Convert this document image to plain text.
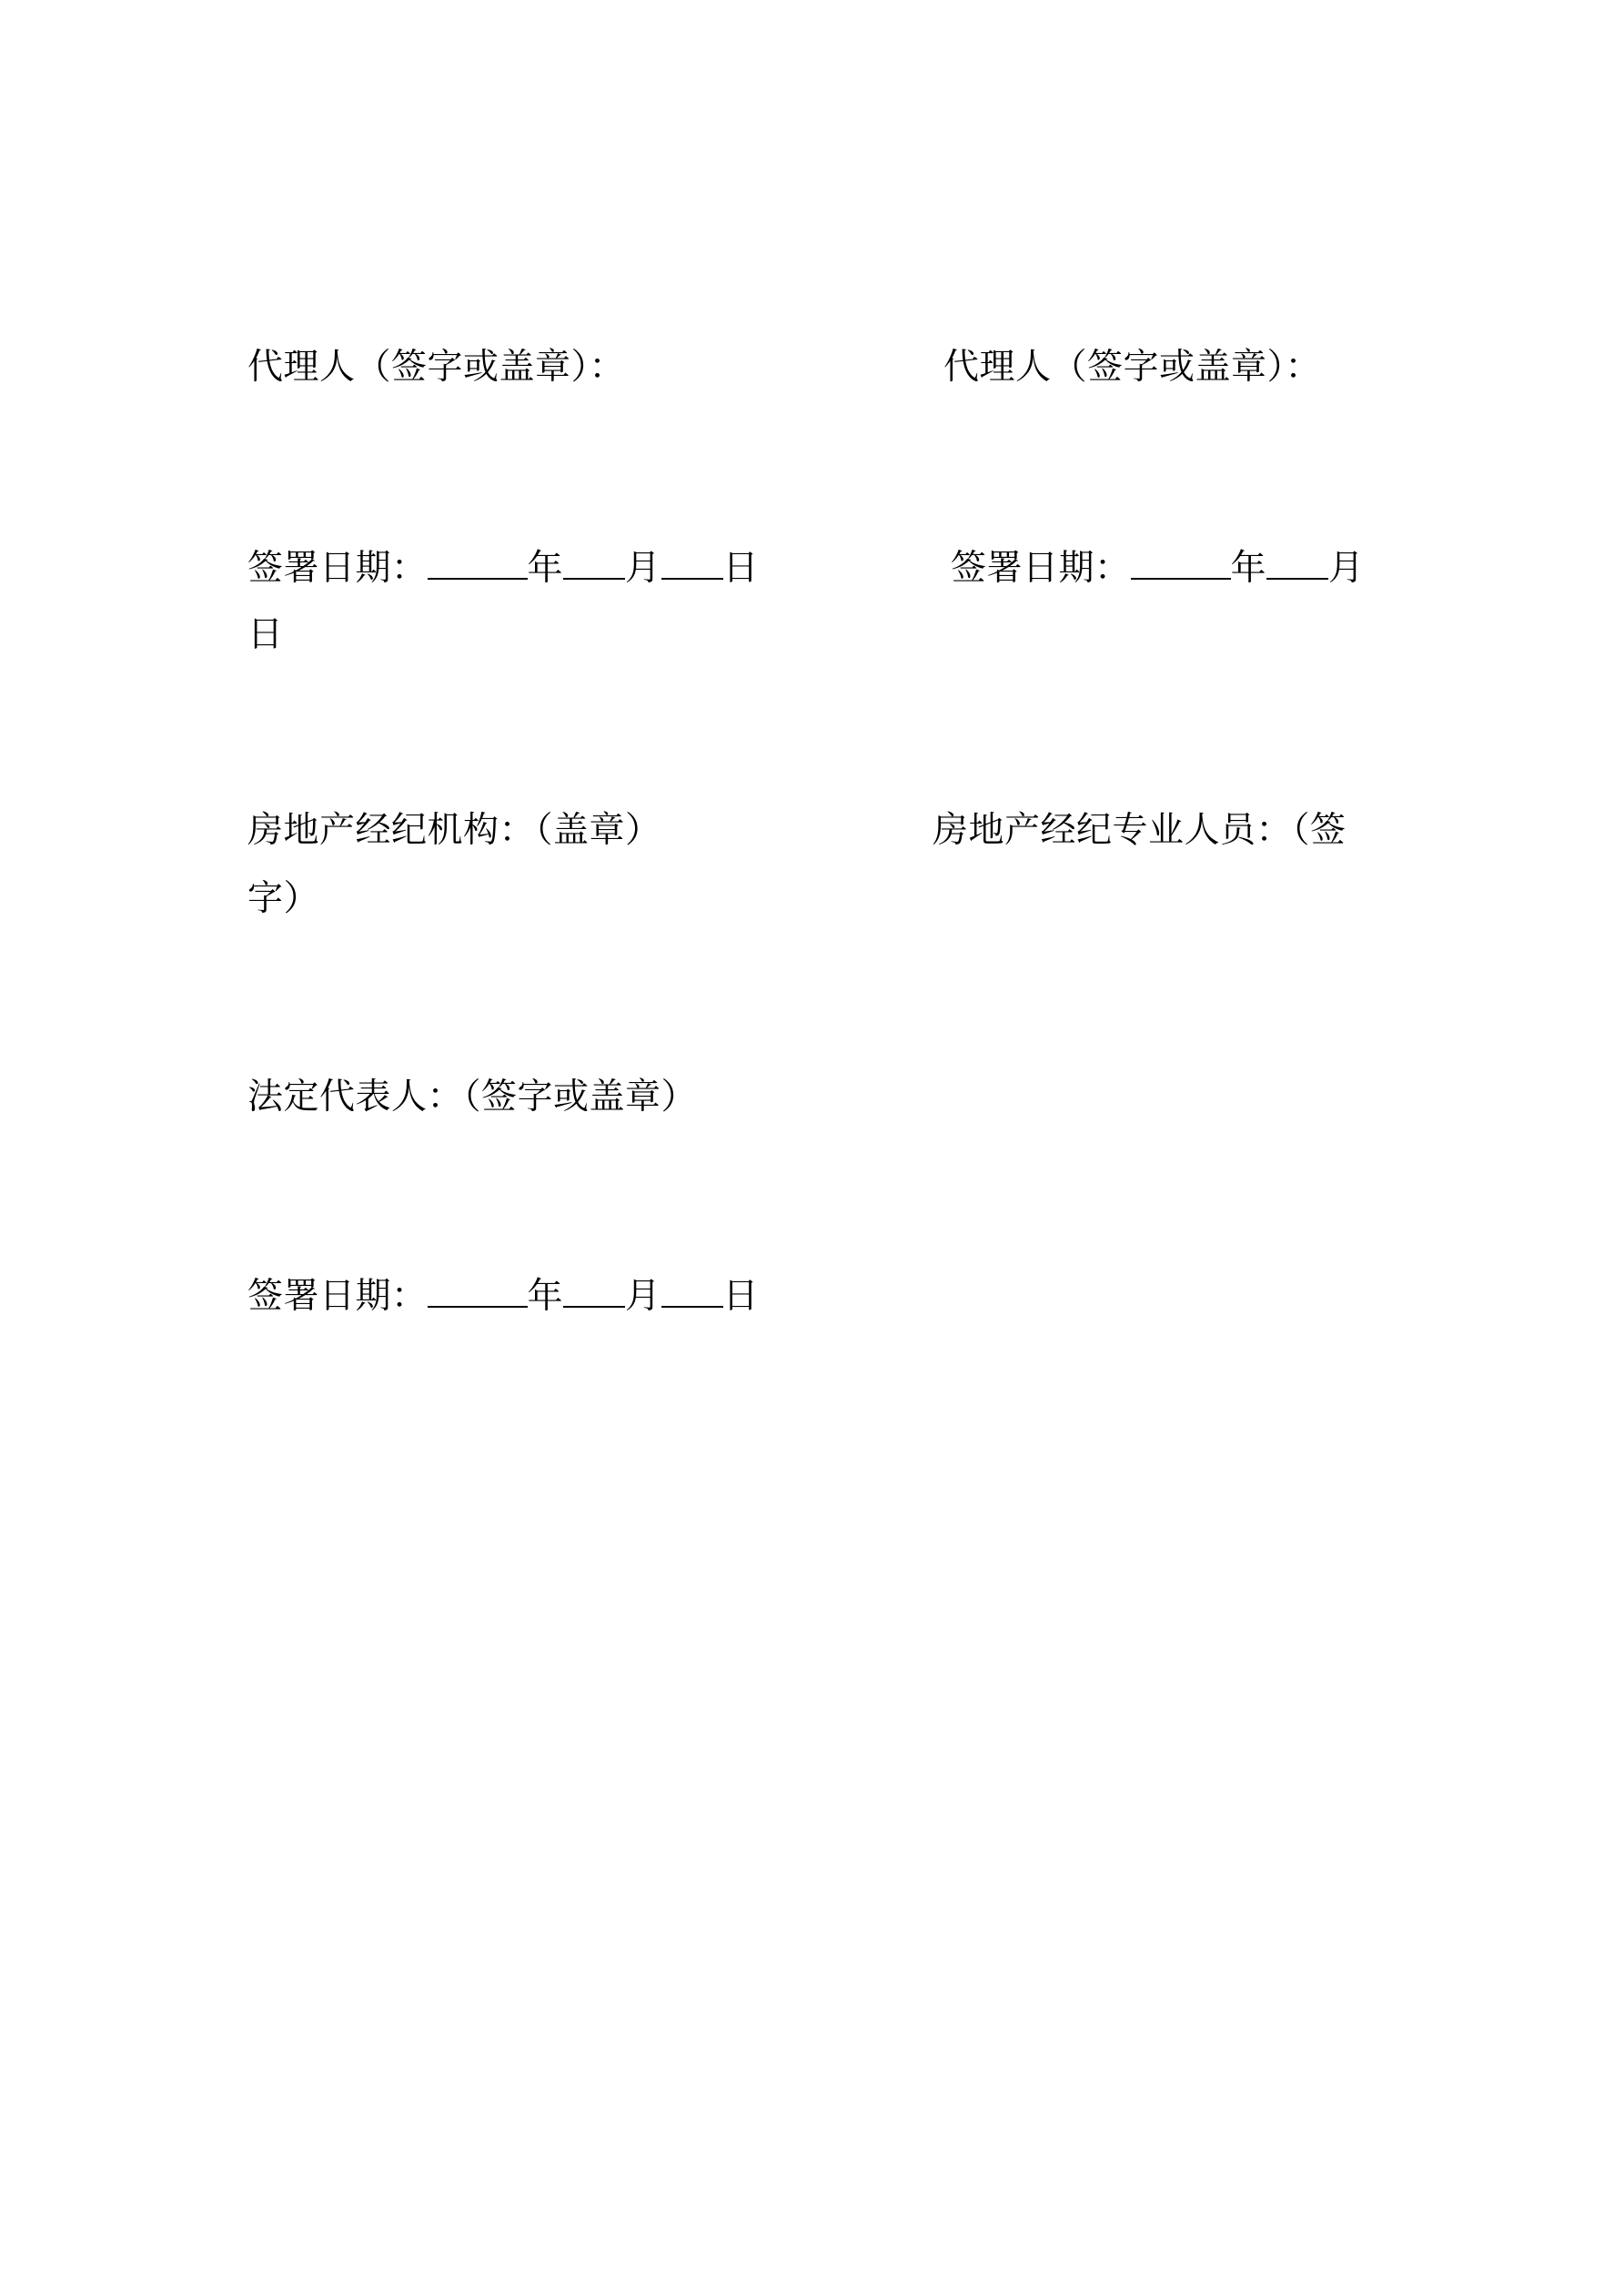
代理人（签字或盖章）：	代理人（签字或盖章）：
签署日期：	年 月 日
日
签署日期：	年 月
房地产经纪机构：（盖章）	房地产经纪专业人员：（签
字）
法定代表人：（签字或盖章）
签署日期：	年 月 日
